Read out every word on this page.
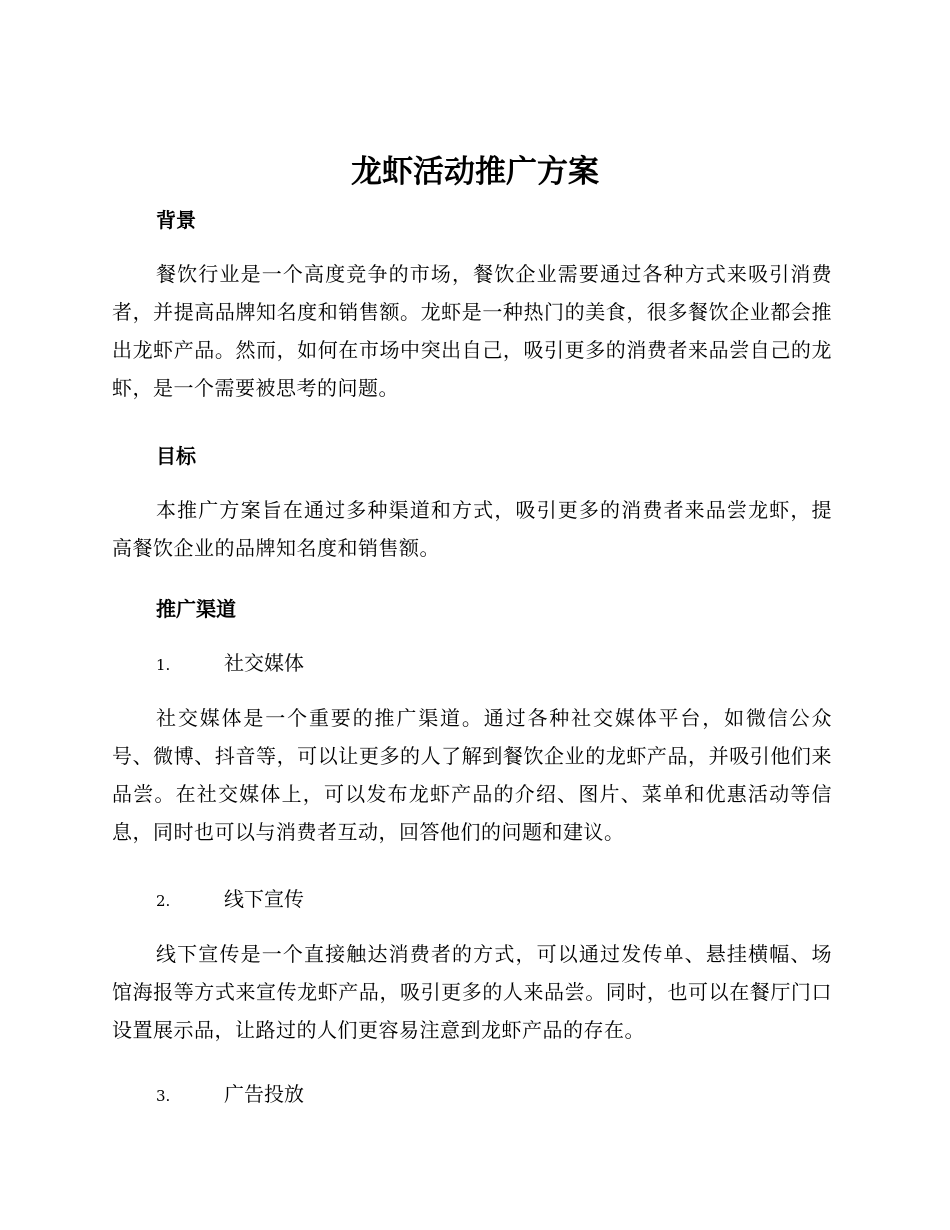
龙虾活动推广方案
背景

餐饮行业是一个高度竞争的市场，餐饮企业需要通过各种方式来吸引消费者，并提高品牌知名度和销售额。龙虾是一种热门的美食，很多餐饮企业都会推出龙虾产品。然而，如何在市场中突出自己，吸引更多的消费者来品尝自己的龙虾，是一个需要被思考的问题。

目标

本推广方案旨在通过多种渠道和方式，吸引更多的消费者来品尝龙虾，提高餐饮企业的品牌知名度和销售额。

推广渠道
1.	社交媒体

社交媒体是一个重要的推广渠道。通过各种社交媒体平台，如微信公众号、微博、抖音等，可以让更多的人了解到餐饮企业的龙虾产品，并吸引他们来品尝。在社交媒体上，可以发布龙虾产品的介绍、图片、菜单和优惠活动等信息，同时也可以与消费者互动，回答他们的问题和建议。

2.	线下宣传

线下宣传是一个直接触达消费者的方式，可以通过发传单、悬挂横幅、场馆海报等方式来宣传龙虾产品，吸引更多的人来品尝。同时，也可以在餐厅门口设置展示品，让路过的人们更容易注意到龙虾产品的存在。

3.	广告投放
